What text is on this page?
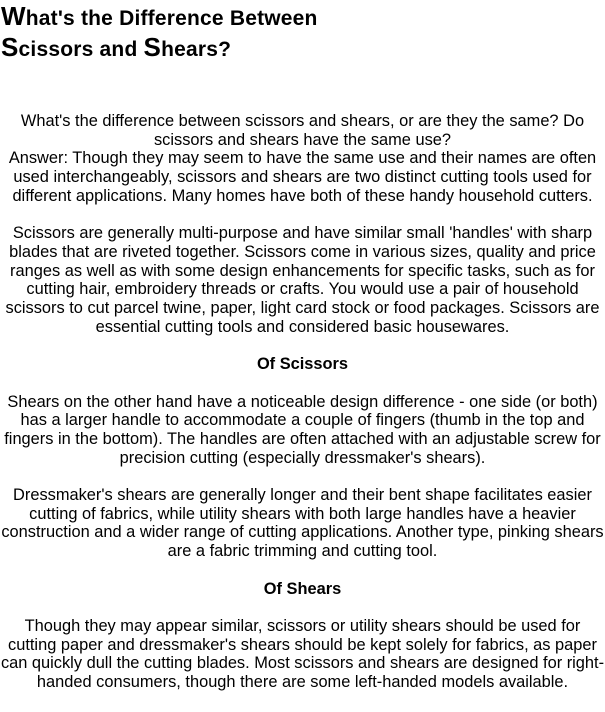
What's the Difference Between
Scissors and Shears?

What's the difference between scissors and shears, or are they the same? Do scissors and shears have the same use?

Answer: Though they may seem to have the same use and their names are often used interchangeably, scissors and shears are two distinct cutting tools used for different applications. Many homes have both of these handy household cutters.

Scissors are generally multi-purpose and have similar small 'handles' with sharp blades that are riveted together. Scissors come in various sizes, quality and price ranges as well as with some design enhancements for specific tasks, such as for cutting hair, embroidery threads or crafts. You would use a pair of household scissors to cut parcel twine, paper, light card stock or food packages. Scissors are essential cutting tools and considered basic housewares.

Of Scissors

Shears on the other hand have a noticeable design difference - one side (or both) has a larger handle to accommodate a couple of fingers (thumb in the top and fingers in the bottom). The handles are often attached with an adjustable screw for precision cutting (especially dressmaker's shears).

Dressmaker's shears are generally longer and their bent shape facilitates easier cutting of fabrics, while utility shears with both large handles have a heavier construction and a wider range of cutting applications. Another type, pinking shears are a fabric trimming and cutting tool.

Of Shears

Though they may appear similar, scissors or utility shears should be used for cutting paper and dressmaker's shears should be kept solely for fabrics, as paper can quickly dull the cutting blades. Most scissors and shears are designed for right-handed consumers, though there are some left-handed models available.
